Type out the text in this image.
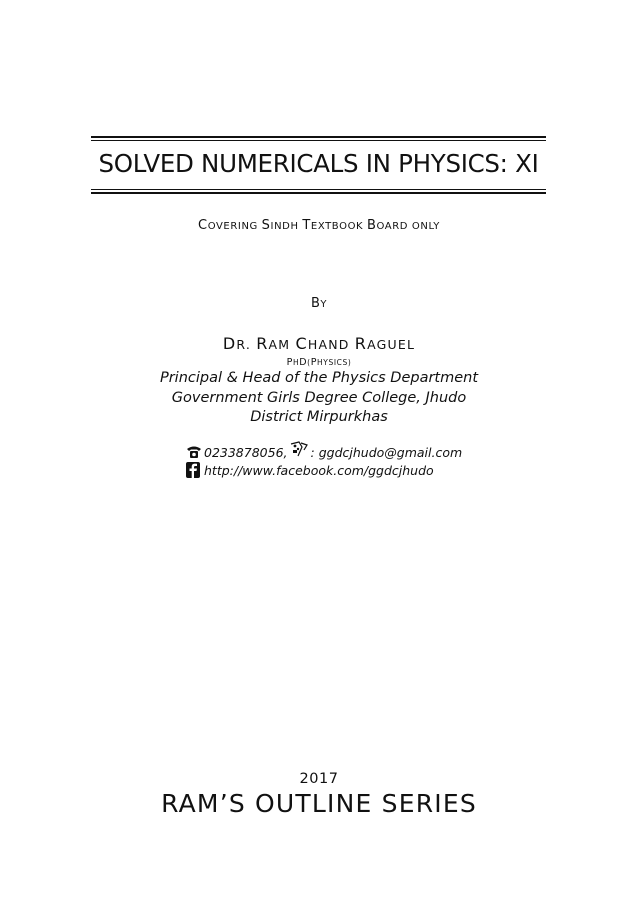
SOLVED NUMERICALS IN PHYSICS: XI
COVERING SINDH TEXTBOOK BOARD ONLY
BY
DR. RAM CHAND RAGUEL
PHD(PHYSICS)
Principal & Head of the Physics Department
Government Girls Degree College, Jhudo
District Mirpurkhas
0233878056, : ggdcjhudo@gmail.com
http://www.facebook.com/ggdcjhudo
2017
RAM’S OUTLINE SERIES
